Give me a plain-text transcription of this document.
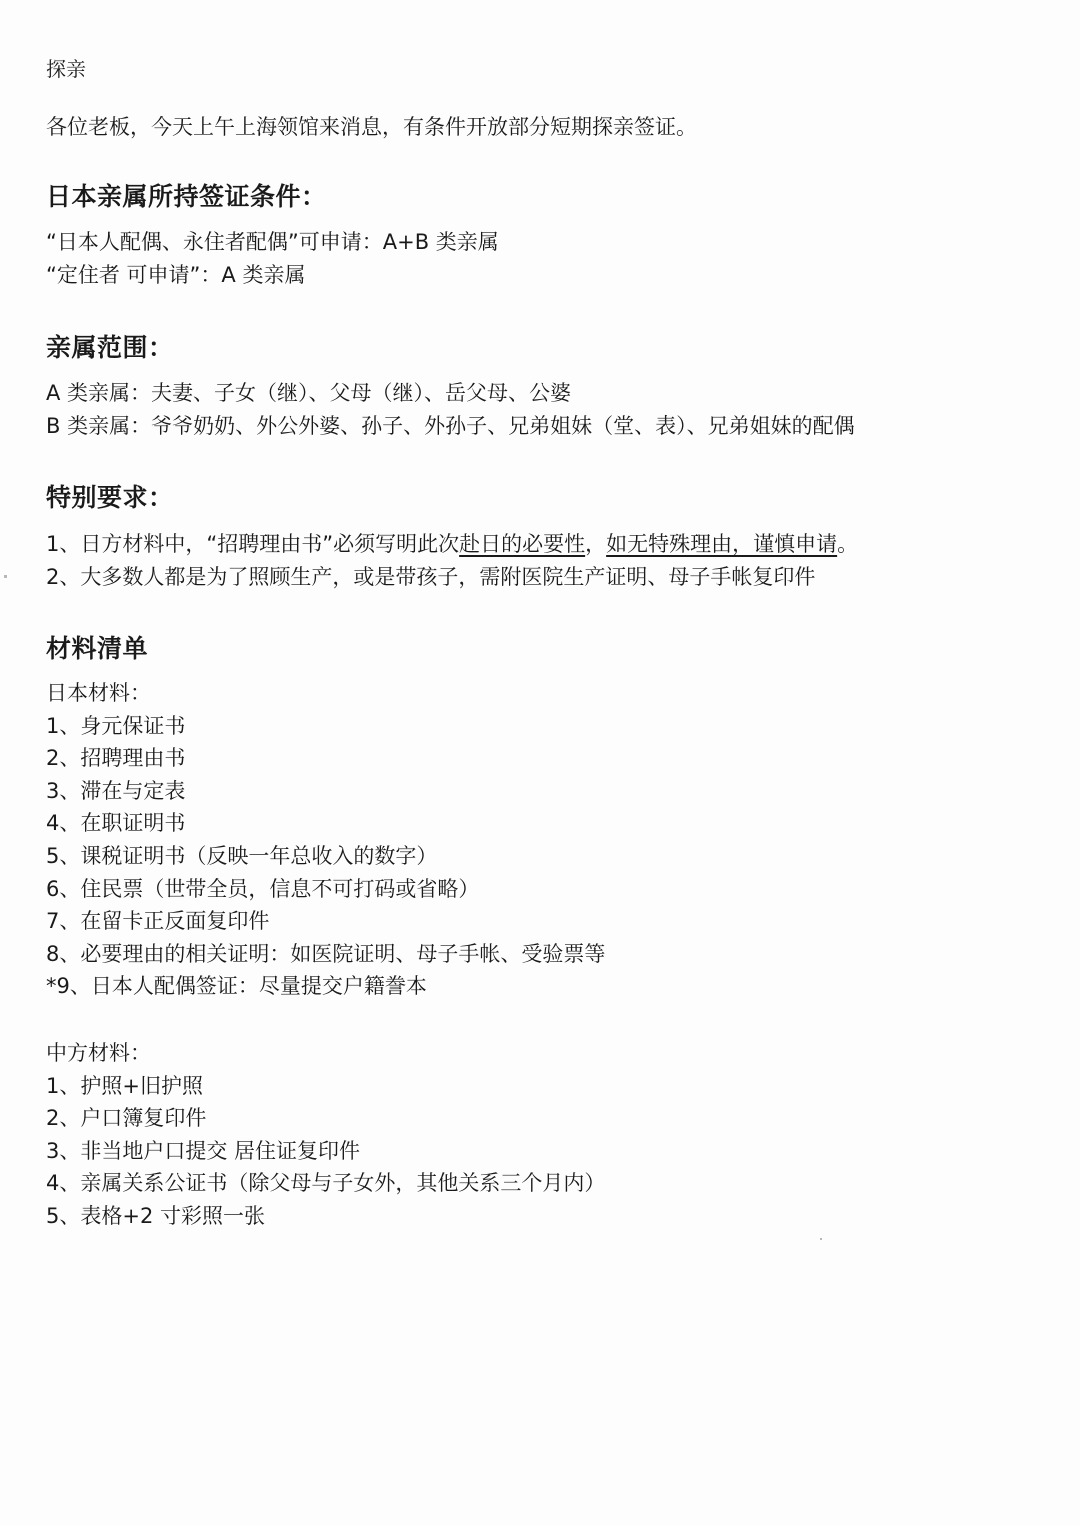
探亲
各位老板，今天上午上海领馆来消息，有条件开放部分短期探亲签证。
日本亲属所持签证条件：
“日本人配偶、永住者配偶”可申请：A+B 类亲属
“定住者 可申请”：A 类亲属
亲属范围：
A 类亲属：夫妻、子女（继）、父母（继）、岳父母、公婆
B 类亲属：爷爷奶奶、外公外婆、孙子、外孙子、兄弟姐妹（堂、表）、兄弟姐妹的配偶
特别要求：
1、日方材料中，“招聘理由书”必须写明此次赴日的必要性，如无特殊理由，谨慎申请。
2、大多数人都是为了照顾生产，或是带孩子，需附医院生产证明、母子手帐复印件
材料清单
日本材料：
1、身元保证书
2、招聘理由书
3、滞在与定表
4、在职证明书
5、课税证明书（反映一年总收入的数字）
6、住民票（世带全员，信息不可打码或省略）
7、在留卡正反面复印件
8、必要理由的相关证明：如医院证明、母子手帐、受验票等
*9、日本人配偶签证：尽量提交户籍誊本
中方材料：
1、护照+旧护照
2、户口簿复印件
3、非当地户口提交 居住证复印件
4、亲属关系公证书（除父母与子女外，其他关系三个月内）
5、表格+2 寸彩照一张
